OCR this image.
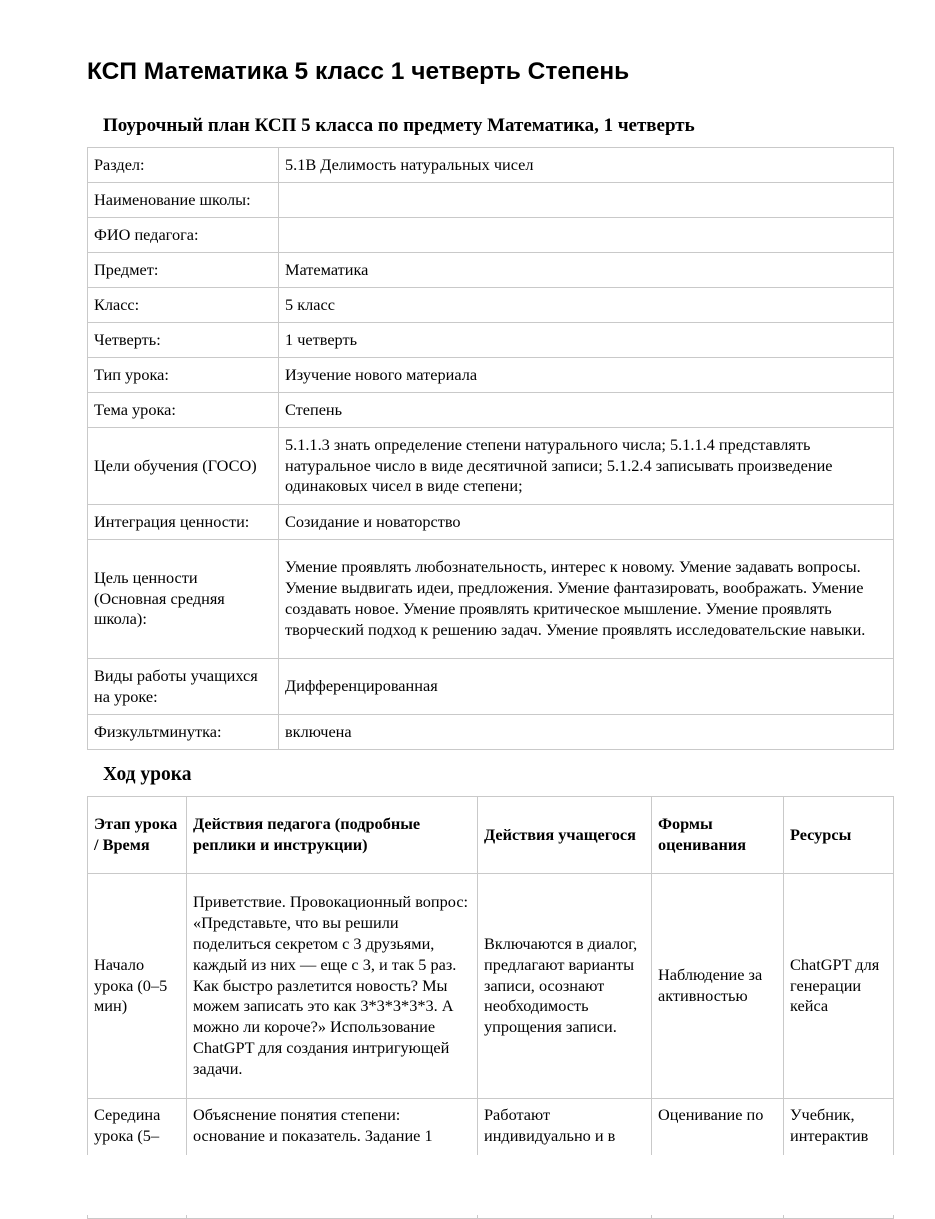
КСП Математика 5 класс 1 четверть Степень
Поурочный план КСП 5 класса по предмету Математика, 1 четверть
Раздел:	5.1В Делимость натуральных чисел
Наименование школы:	
ФИО педагога:	
Предмет:	Математика
Класс:	5 класс
Четверть:	1 четверть
Тип урока:	Изучение нового материала
Тема урока:	Степень
Цели обучения (ГОСО)	5.1.1.3 знать определение степени натурального числа; 5.1.1.4 представлять натуральное число в виде десятичной записи; 5.1.2.4 записывать произведение одинаковых чисел в виде степени;
Интеграция ценности:	Созидание и новаторство
Цель ценности (Основная средняя школа):	Умение проявлять любознательность, интерес к новому. Умение задавать вопросы. Умение выдвигать идеи, предложения. Умение фантазировать, воображать. Умение создавать новое. Умение проявлять критическое мышление. Умение проявлять творческий подход к решению задач. Умение проявлять исследовательские навыки.
Виды работы учащихся на уроке:	Дифференцированная
Физкультминутка:	включена
Ход урока
Этап урока / Время	Действия педагога (подробные реплики и инструкции)	Действия учащегося	Формы оценивания	Ресурсы
Начало урока (0–5 мин)	Приветствие. Провокационный вопрос: «Представьте, что вы решили поделиться секретом с 3 друзьями, каждый из них — еще с 3, и так 5 раз. Как быстро разлетится новость? Мы можем записать это как 3*3*3*3*3. А можно ли короче?» Использование ChatGPT для создания интригующей задачи.	Включаются в диалог, предлагают варианты записи, осознают необходимость упрощения записи.	Наблюдение за активностью	ChatGPT для генерации кейса
Середина урока (5–	Объяснение понятия степени: основание и показатель. Задание 1	Работают индивидуально и в	Оценивание по	Учебник, интерактив
